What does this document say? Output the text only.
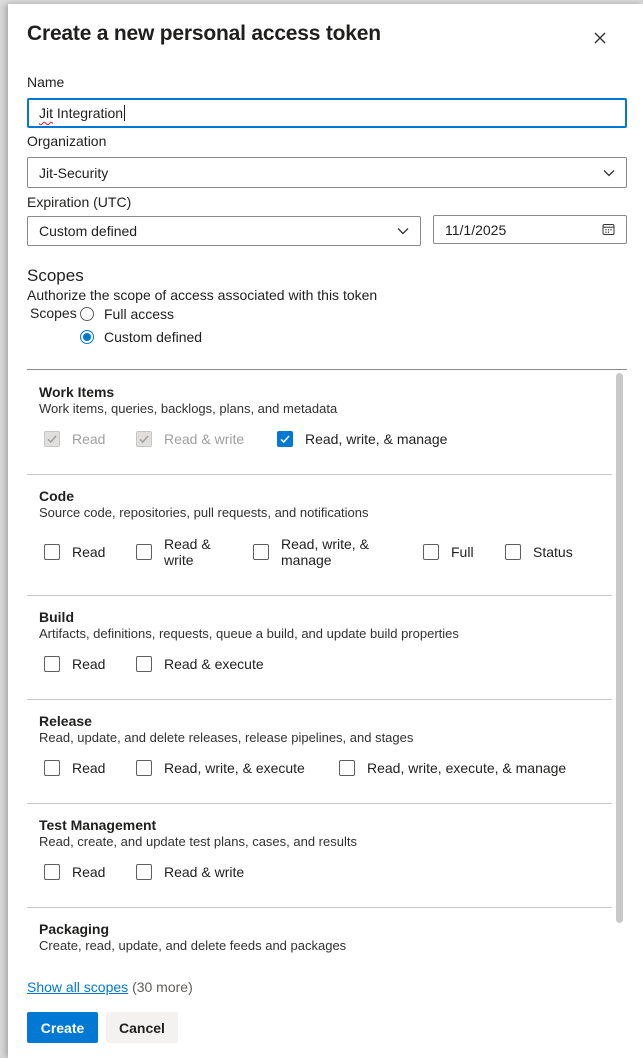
Create a new personal access token
Name
Jit Integration
Organization
Jit-Security
Expiration (UTC)
Custom defined	11/1/2025
Scopes
Authorize the scope of access associated with this token
Scopes Full access
Custom defined
Work Items
Work items, queries, backlogs, plans, and metadata
Read	Read & write	Read, write, & manage
Code
Source code, repositories, pull requests, and notifications
Read	Read &
write
Read, write, &
manage	Full	Status
Build
Artifacts, definitions, requests, queue a build, and update build properties
Read	Read & execute
Release
Read, update, and delete releases, release pipelines, and stages
Read	Read, write, & execute	Read, write, execute, & manage
Test Management
Read, create, and update test plans, cases, and results
Read	Read & write
Packaging
Create, read, update, and delete feeds and packages
Show all scopes (30 more)
Create	Cancel
